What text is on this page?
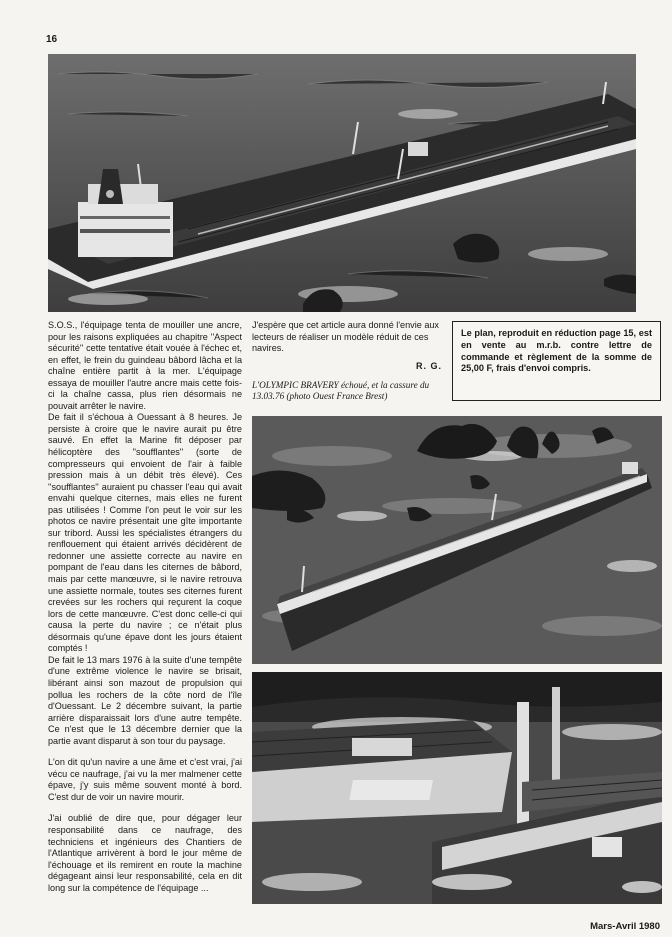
16

S.O.S., l'équipage tenta de mouiller une ancre, pour les raisons expliquées au chapitre ''Aspect sécurité'' cette tentative était vouée à l'échec et, en effet, le frein du guindeau bâbord lâcha et la chaîne entière partit à la mer. L'équipage essaya de mouiller l'autre ancre mais cette fois-ci la chaîne cassa, plus rien désormais ne pouvait arrêter le navire.

De fait il s'échoua à Ouessant à 8 heures. Je persiste à croire que le navire aurait pu être sauvé. En effet la Marine fit déposer par hélicoptère des ''soufflantes'' (sorte de compresseurs qui envoient de l'air à faible pression mais à un débit très élevé). Ces ''soufflantes'' auraient pu chasser l'eau qui avait envahi quelque citernes, mais elles ne furent pas utilisées ! Comme l'on peut le voir sur les photos ce navire présentait une gîte importante sur tribord. Aussi les spécialistes étrangers du renflouement qui étaient arrivés décidèrent de redonner une assiette correcte au navire en pompant de l'eau dans les citernes de bâbord, mais par cette manœuvre, si le navire retrouva une assiette normale, toutes ses citernes furent crevées sur les rochers qui reçurent la coque lors de cette manœuvre. C'est donc celle-ci qui causa la perte du navire ; ce n'était plus désormais qu'une épave dont les jours étaient comptés !

De fait le 13 mars 1976 à la suite d'une tempête d'une extrême violence le navire se brisait, libérant ainsi son mazout de propulsion qui pollua les rochers de la côte nord de l'île d'Ouessant. Le 2 décembre suivant, la partie arrière disparaissait lors d'une autre tempête. Ce n'est que le 13 décembre dernier que la partie avant disparut à son tour du paysage.

L'on dit qu'un navire a une âme et c'est vrai, j'ai vécu ce naufrage, j'ai vu la mer malmener cette épave, j'y suis même souvent monté à bord. C'est dur de voir un navire mourir.

J'ai oublié de dire que, pour dégager leur responsabilité dans ce naufrage, des techniciens et ingénieurs des Chantiers de l'Atlantique arrivèrent à bord le jour même de l'échouage et ils remirent en route la machine dégageant ainsi leur responsabilité, cela en dit long sur la compétence de l'équipage ...

J'espère que cet article aura donné l'envie aux lecteurs de réaliser un modèle réduit de ces navires.

R. G.

L'OLYMPIC BRAVERY échoué, et la cassure du 13.03.76 (photo Ouest France Brest)

Le plan, reproduit en réduction page 15, est en vente au m.r.b. contre lettre de commande et règlement de la somme de 25,00 F, frais d'envoi compris.
Mars-Avril 1980
